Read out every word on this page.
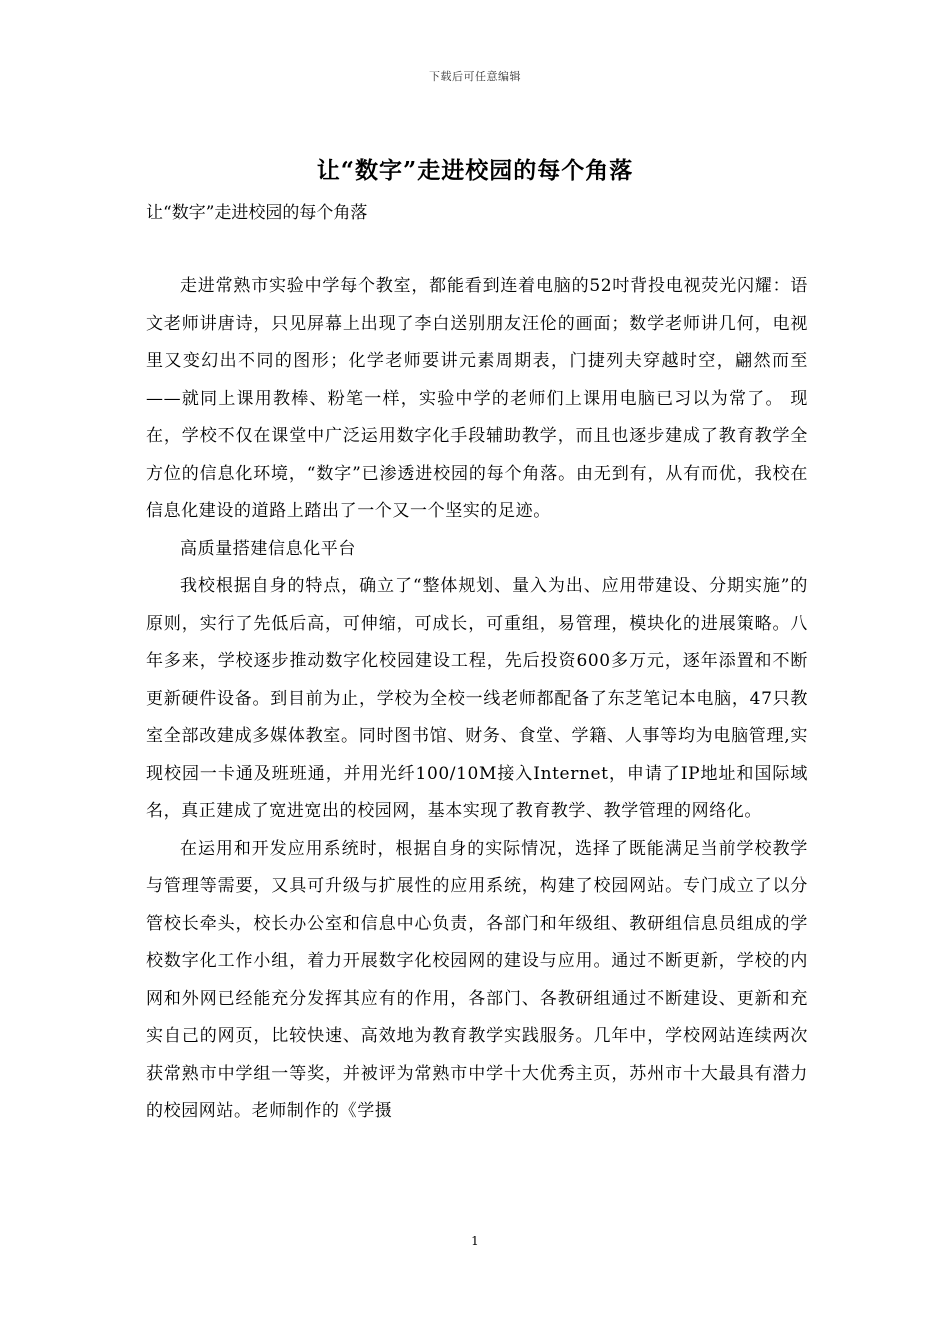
下载后可任意编辑
让“数字”走进校园的每个角落
让“数字”走进校园的每个角落

走进常熟市实验中学每个教室，都能看到连着电脑的52吋背投电视荧光闪耀：语文老师讲唐诗，只见屏幕上出现了李白送别朋友汪伦的画面；数学老师讲几何，电视里又变幻出不同的图形；化学老师要讲元素周期表，门捷列夫穿越时空，翩然而至——就同上课用教棒、粉笔一样，实验中学的老师们上课用电脑已习以为常了。 现在，学校不仅在课堂中广泛运用数字化手段辅助教学，而且也逐步建成了教育教学全方位的信息化环境，“数字”已渗透进校园的每个角落。由无到有，从有而优，我校在信息化建设的道路上踏出了一个又一个坚实的足迹。

高质量搭建信息化平台

我校根据自身的特点，确立了“整体规划、量入为出、应用带建设、分期实施”的原则，实行了先低后高，可伸缩，可成长，可重组，易管理，模块化的进展策略。八年多来，学校逐步推动数字化校园建设工程，先后投资600多万元，逐年添置和不断更新硬件设备。到目前为止，学校为全校一线老师都配备了东芝笔记本电脑，47只教室全部改建成多媒体教室。同时图书馆、财务、食堂、学籍、人事等均为电脑管理,实现校园一卡通及班班通，并用光纤100/10M接入Internet，申请了IP地址和国际域名，真正建成了宽进宽出的校园网，基本实现了教育教学、教学管理的网络化。

在运用和开发应用系统时，根据自身的实际情况，选择了既能满足当前学校教学与管理等需要，又具可升级与扩展性的应用系统，构建了校园网站。专门成立了以分管校长牵头，校长办公室和信息中心负责，各部门和年级组、教研组信息员组成的学校数字化工作小组，着力开展数字化校园网的建设与应用。通过不断更新，学校的内网和外网已经能充分发挥其应有的作用，各部门、各教研组通过不断建设、更新和充实自己的网页，比较快速、高效地为教育教学实践服务。几年中，学校网站连续两次获常熟市中学组一等奖，并被评为常熟市中学十大优秀主页，苏州市十大最具有潜力的校园网站。老师制作的《学摄

1
